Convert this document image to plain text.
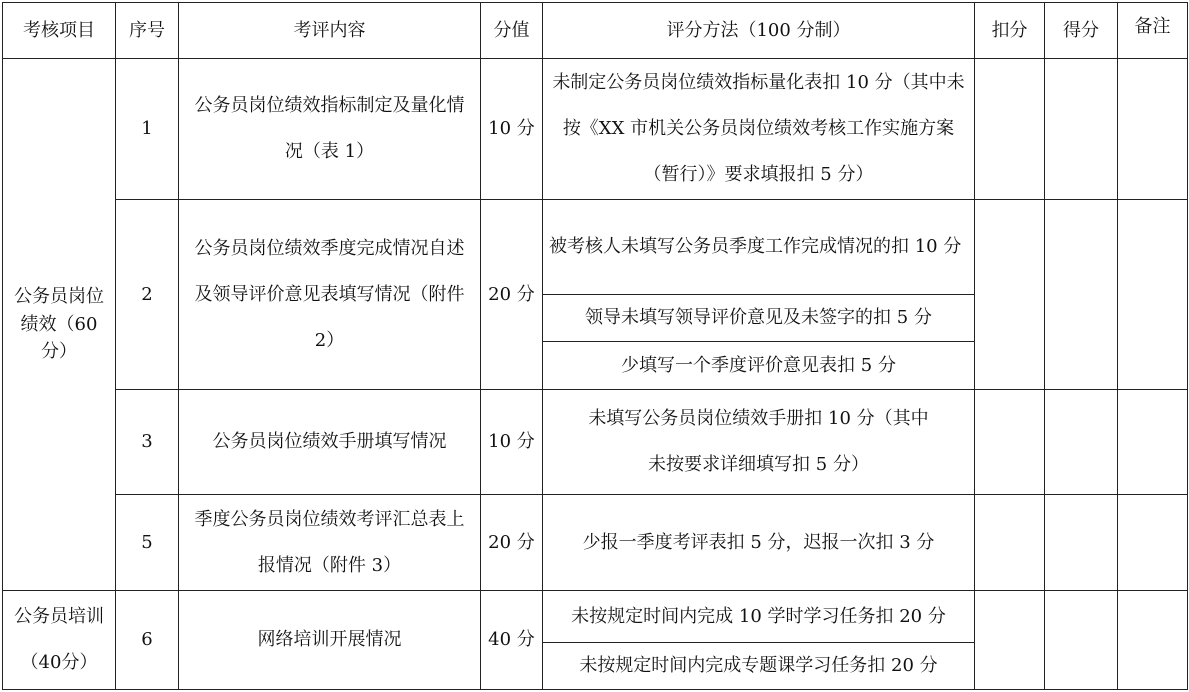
考核项目	序号	考评内容	分值	评分方法（100 分制）	扣分	得分	备注
公务员岗位绩效（60分）	1	公务员岗位绩效指标制定及量化情况（表 1）	10 分	未制定公务员岗位绩效指标量化表扣 10 分（其中未按《XX 市机关公务员岗位绩效考核工作实施方案（暂行）》要求填报扣 5 分）			
	2	公务员岗位绩效季度完成情况自述及领导评价意见表填写情况（附件 2）	20 分	被考核人未填写公务员季度工作完成情况的扣 10 分			
				领导未填写领导评价意见及未签字的扣 5 分			
				少填写一个季度评价意见表扣 5 分			
	3	公务员岗位绩效手册填写情况	10 分	未填写公务员岗位绩效手册扣 10 分（其中未按要求详细填写扣 5 分）			
	5	季度公务员岗位绩效考评汇总表上报情况（附件 3）	20 分	少报一季度考评表扣 5 分，迟报一次扣 3 分			
公务员培训（40分）	6	网络培训开展情况	40 分	未按规定时间内完成 10 学时学习任务扣 20 分			
				未按规定时间内完成专题课学习任务扣 20 分			
